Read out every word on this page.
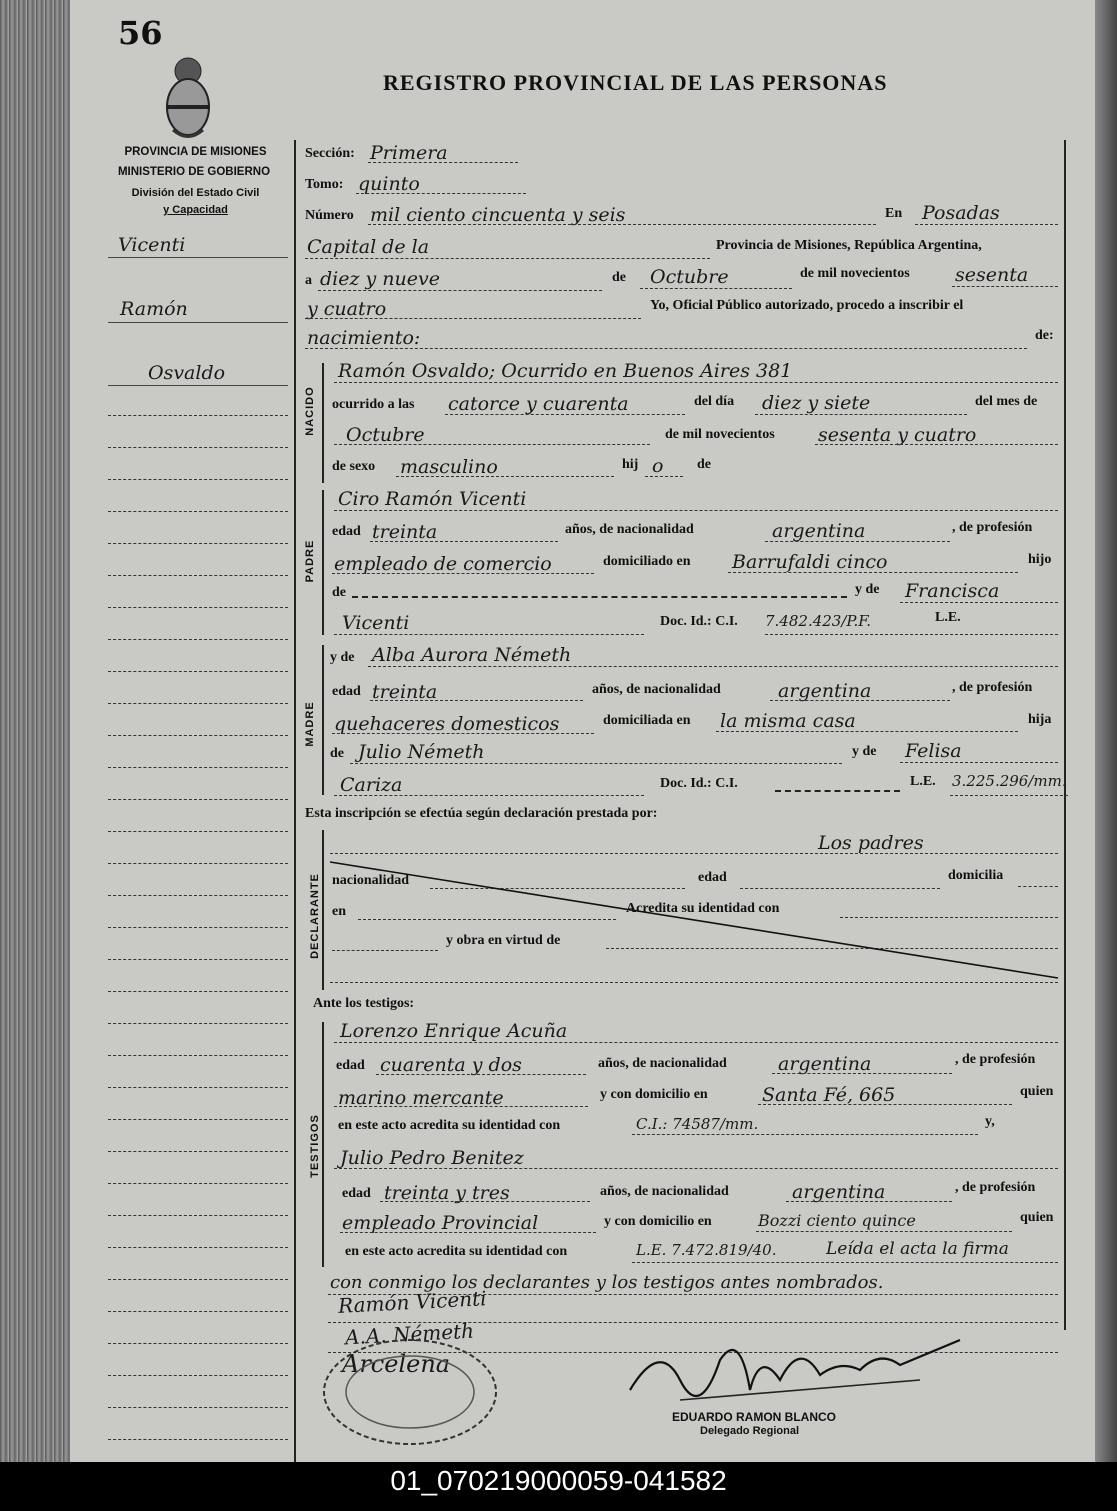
56
REGISTRO PROVINCIAL DE LAS PERSONAS
PROVINCIA DE MISIONES
MINISTERIO DE GOBIERNO
División del Estado Civil
y Capacidad
Vicenti
Ramón
Osvaldo
NACIDO
PADRE
MADRE
DECLARANTE
TESTIGOS
Sección: Primera
Tomo: quinto
Número mil ciento cincuenta y seis	En Posadas
Capital de la	Provincia de Misiones, República Argentina,
a diez y nueve	de Octubre	de mil novecientos sesenta
y cuatro	Yo, Oficial Público autorizado, procedo a inscribir el
nacimiento:	de:
Ramón Osvaldo; Ocurrido en Buenos Aires 381
ocurrido a las catorce y cuarenta	del día diez y siete	del mes de
Octubre	de mil novecientos sesenta y cuatro
de sexo masculino	hij o de
Ciro Ramón Vicenti
edad treinta	años, de nacionalidad	argentina	, de profesión
empleado de comercio	domiciliado en Barrufaldi cinco	hijo
de	y de Francisca
Vicenti	Doc. Id.: C.I. 7.482.423/P.F.	L.E.
y de Alba Aurora Németh
edad treinta	años, de nacionalidad	argentina	, de profesión
quehaceres domesticos	domiciliada en la misma casa	hija
de Julio Németh	y de Felisa
Cariza	Doc. Id.: C.I.	L.E. 3.225.296/mm.
Esta inscripción se efectúa según declaración prestada por:
Los padres
nacionalidad	edad	domicilia
en	Acredita su identidad con
y obra en virtud de
Ante los testigos:
Lorenzo Enrique Acuña
edad cuarenta y dos	años, de nacionalidad	argentina	, de profesión
marino mercante	y con domicilio en	Santa Fé, 665	quien
en este acto acredita su identidad con	C.I.: 74587/mm.	y,
Julio Pedro Benitez
edad treinta y tres	años, de nacionalidad	argentina	, de profesión
empleado Provincial	y con domicilio en	Bozzi ciento quince	quien
en este acto acredita su identidad con	L.E. 7.472.819/40.	Leída el acta la firma
con conmigo los declarantes y los testigos antes nombrados.
Ramón Vicenti
A.A. Németh
Arcelena
EDUARDO RAMON BLANCO
Delegado Regional
01_070219000059-041582
